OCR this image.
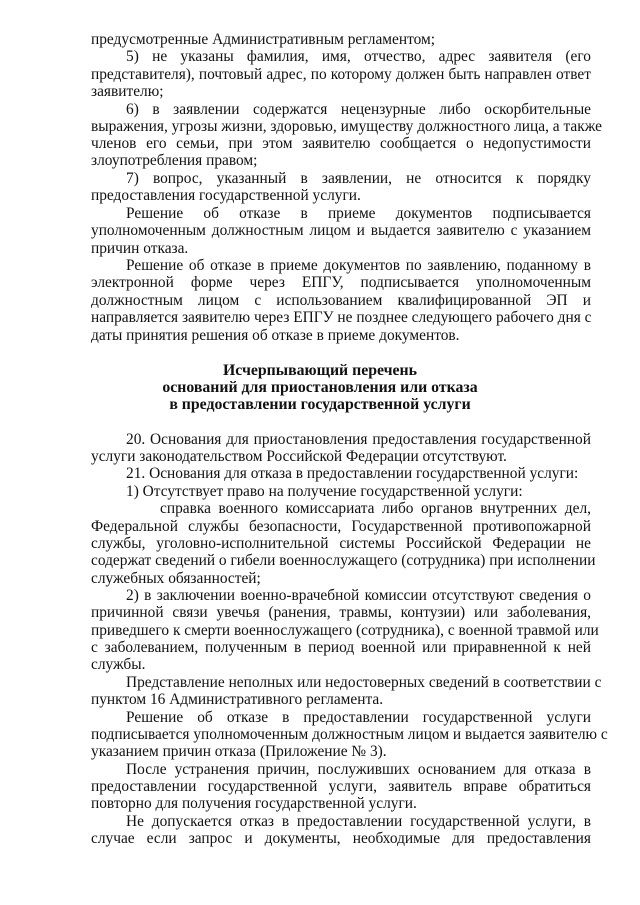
предусмотренные Административным регламентом;
5) не указаны фамилия, имя, отчество, адрес заявителя (его
представителя), почтовый адрес, по которому должен быть направлен ответ
заявителю;
6) в заявлении содержатся нецензурные либо оскорбительные
выражения, угрозы жизни, здоровью, имуществу должностного лица, а также
членов его семьи, при этом заявителю сообщается о недопустимости
злоупотребления правом;
7) вопрос, указанный в заявлении, не относится к порядку
предоставления государственной услуги.
Решение об отказе в приеме документов подписывается
уполномоченным должностным лицом и выдается заявителю с указанием
причин отказа.
Решение об отказе в приеме документов по заявлению, поданному в
электронной форме через ЕПГУ, подписывается уполномоченным
должностным лицом с использованием квалифицированной ЭП и
направляется заявителю через ЕПГУ не позднее следующего рабочего дня с
даты принятия решения об отказе в приеме документов.
Исчерпывающий перечень
оснований для приостановления или отказа
в предоставлении государственной услуги
20. Основания для приостановления предоставления государственной
услуги законодательством Российской Федерации отсутствуют.
21. Основания для отказа в предоставлении государственной услуги:
1) Отсутствует право на получение государственной услуги:
справка военного комиссариата либо органов внутренних дел,
Федеральной службы безопасности, Государственной противопожарной
службы, уголовно-исполнительной системы Российской Федерации не
содержат сведений о гибели военнослужащего (сотрудника) при исполнении
служебных обязанностей;
2) в заключении военно-врачебной комиссии отсутствуют сведения о
причинной связи увечья (ранения, травмы, контузии) или заболевания,
приведшего к смерти военнослужащего (сотрудника), с военной травмой или
с заболеванием, полученным в период военной или приравненной к ней
службы.
Представление неполных или недостоверных сведений в соответствии с
пунктом 16 Административного регламента.
Решение об отказе в предоставлении государственной услуги
подписывается уполномоченным должностным лицом и выдается заявителю с
указанием причин отказа (Приложение № 3).
После устранения причин, послуживших основанием для отказа в
предоставлении государственной услуги, заявитель вправе обратиться
повторно для получения государственной услуги.
Не допускается отказ в предоставлении государственной услуги, в
случае если запрос и документы, необходимые для предоставления
